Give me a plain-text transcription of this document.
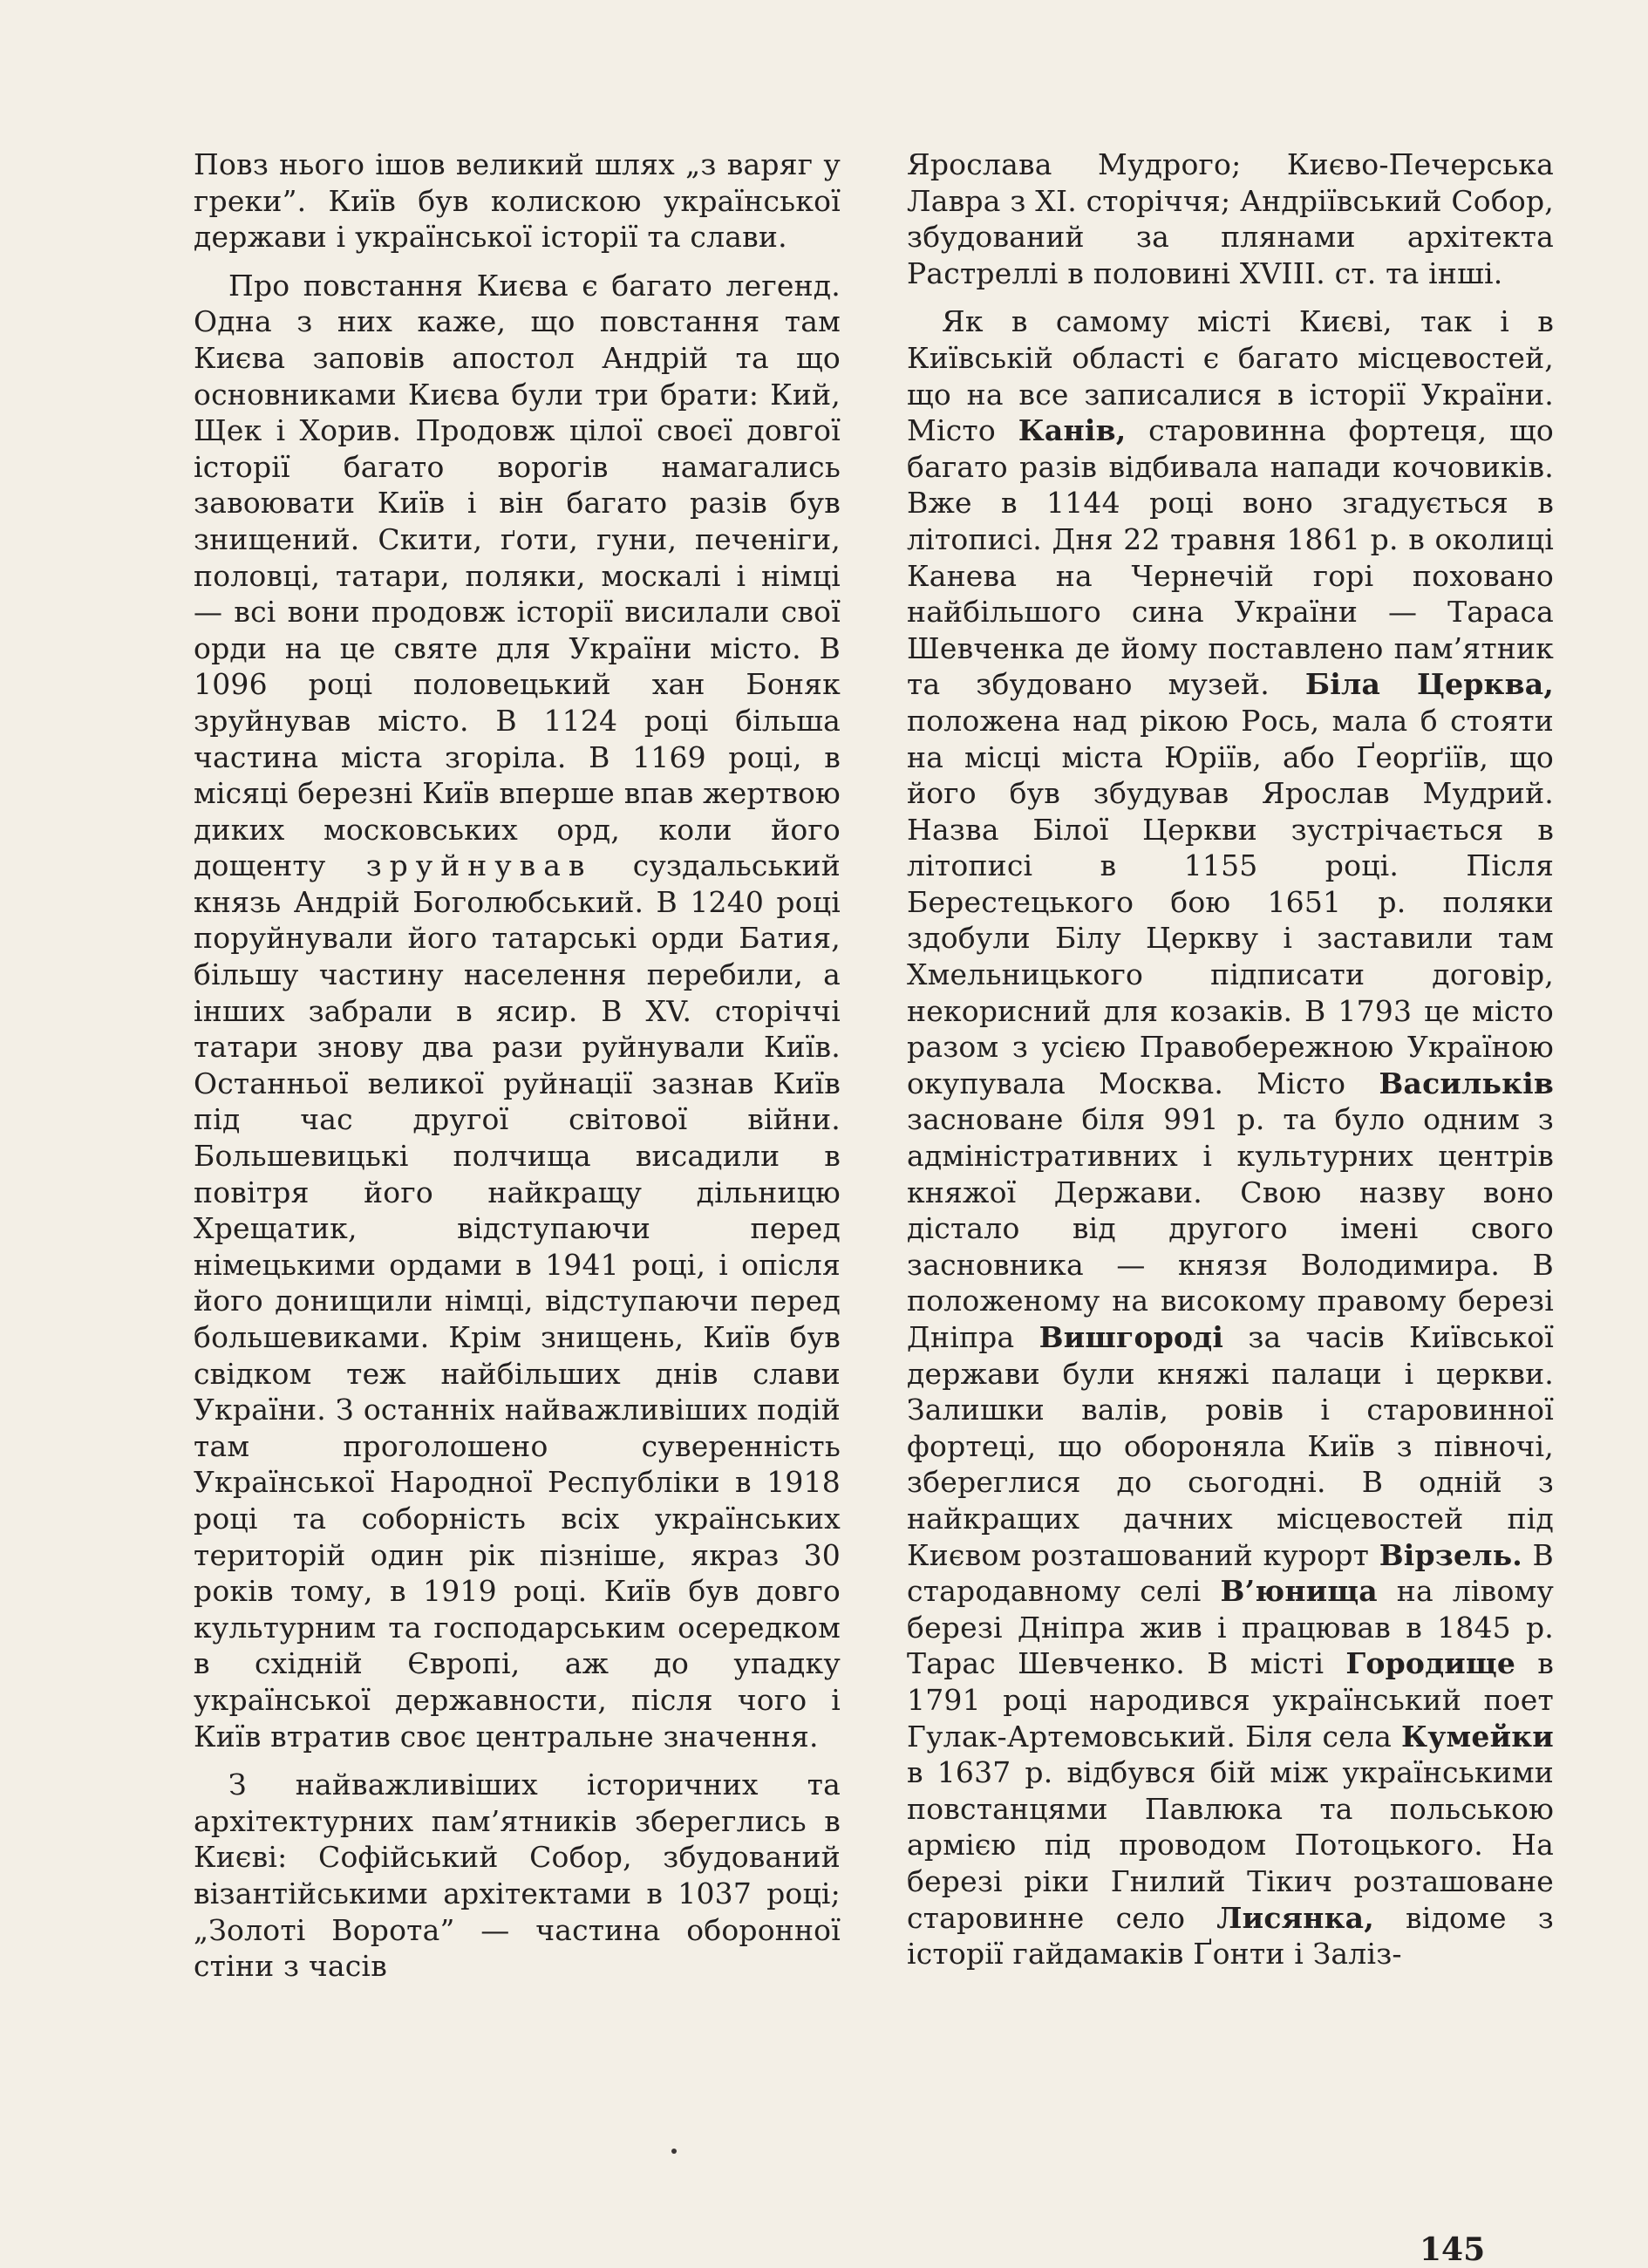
Повз нього ішов великий шлях „з варяг у греки”. Київ був колискою української держави і української історії та слави.

Про повстання Києва є багато легенд. Одна з них каже, що повстання там Києва заповів апостол Андрій та що основниками Києва були три брати: Кий, Щек і Хорив. Продовж цілої своєї довгої історії багато ворогів намагались завоювати Київ і він багато разів був знищений. Скити, ґоти, гуни, печеніги, половці, татари, поляки, москалі і німці — всі вони продовж історії висилали свої орди на це святе для України місто. В 1096 році половецький хан Боняк зруйнував місто. В 1124 році більша частина міста згоріла. В 1169 році, в місяці березні Київ вперше впав жертвою диких московських орд, коли його дощенту зруйнував суздальський князь Андрій Боголюбський. В 1240 році поруйнували його татарські орди Батия, більшу частину населення перебили, а інших забрали в ясир. В XV. сторіччі татари знову два рази руйнували Київ. Останньої великої руйнації зазнав Київ під час другої світової війни. Большевицькі полчища висадили в повітря його найкращу дільницю Хрещатик, відступаючи перед німецькими ордами в 1941 році, і опісля його донищили німці, відступаючи перед большевиками. Крім знищень, Київ був свідком теж найбільших днів слави України. З останніх найважливіших подій там проголошено суверенність Української Народної Республіки в 1918 році та соборність всіх українських територій один рік пізніше, якраз 30 років тому, в 1919 році. Київ був довго культурним та господарським осередком в східній Європі, аж до упадку української державности, після чого і Київ втратив своє центральне значення.

З найважливіших історичних та архітектурних пам’ятників збереглись в Києві: Софійський Собор, збудований візантійськими архітектами в 1037 році; „Золоті Ворота” — частина оборонної стіни з часів

Ярослава Мудрого; Києво-Печерська Лавра з XI. сторіччя; Андріївський Собор, збудований за плянами архітекта Растреллі в половині XVIII. ст. та інші.

Як в самому місті Києві, так і в Київській області є багато місцевостей, що на все записалися в історії України. Місто Канів, старовинна фортеця, що багато разів відбивала напади кочовиків. Вже в 1144 році воно згадується в літописі. Дня 22 травня 1861 р. в околиці Канева на Чернечій горі поховано найбільшого сина України — Тараса Шевченка де йому поставлено пам’ятник та збудовано музей. Біла Церква, положена над рікою Рось, мала б стояти на місці міста Юріїв, або Ґеорґіїв, що його був збудував Ярослав Мудрий. Назва Білої Церкви зустрічається в літописі в 1155 році. Після Берестецького бою 1651 р. поляки здобули Білу Церкву і заставили там Хмельницького підписати договір, некорисний для козаків. В 1793 це місто разом з усією Правобережною Україною окупувала Москва. Місто Васильків засноване біля 991 р. та було одним з адміністративних і культурних центрів княжої Держави. Свою назву воно дістало від другого імені свого засновника — князя Володимира. В положеному на високому правому березі Дніпра Вишгороді за часів Київської держави були княжі палаци і церкви. Залишки валів, ровів і старовинної фортеці, що обороняла Київ з півночі, збереглися до сьогодні. В одній з найкращих дачних місцевостей під Києвом розташований курорт Вірзель. В стародавному селі В’юнища на лівому березі Дніпра жив і працював в 1845 р. Тарас Шевченко. В місті Городище в 1791 році народився український поет Гулак-Артемовський. Біля села Кумейки в 1637 р. відбувся бій між українськими повстанцями Павлюка та польською армією під проводом Потоцького. На березі ріки Гнилий Тікич розташоване старовинне село Лисянка, відоме з історії гайдамаків Ґонти і Заліз-

145
